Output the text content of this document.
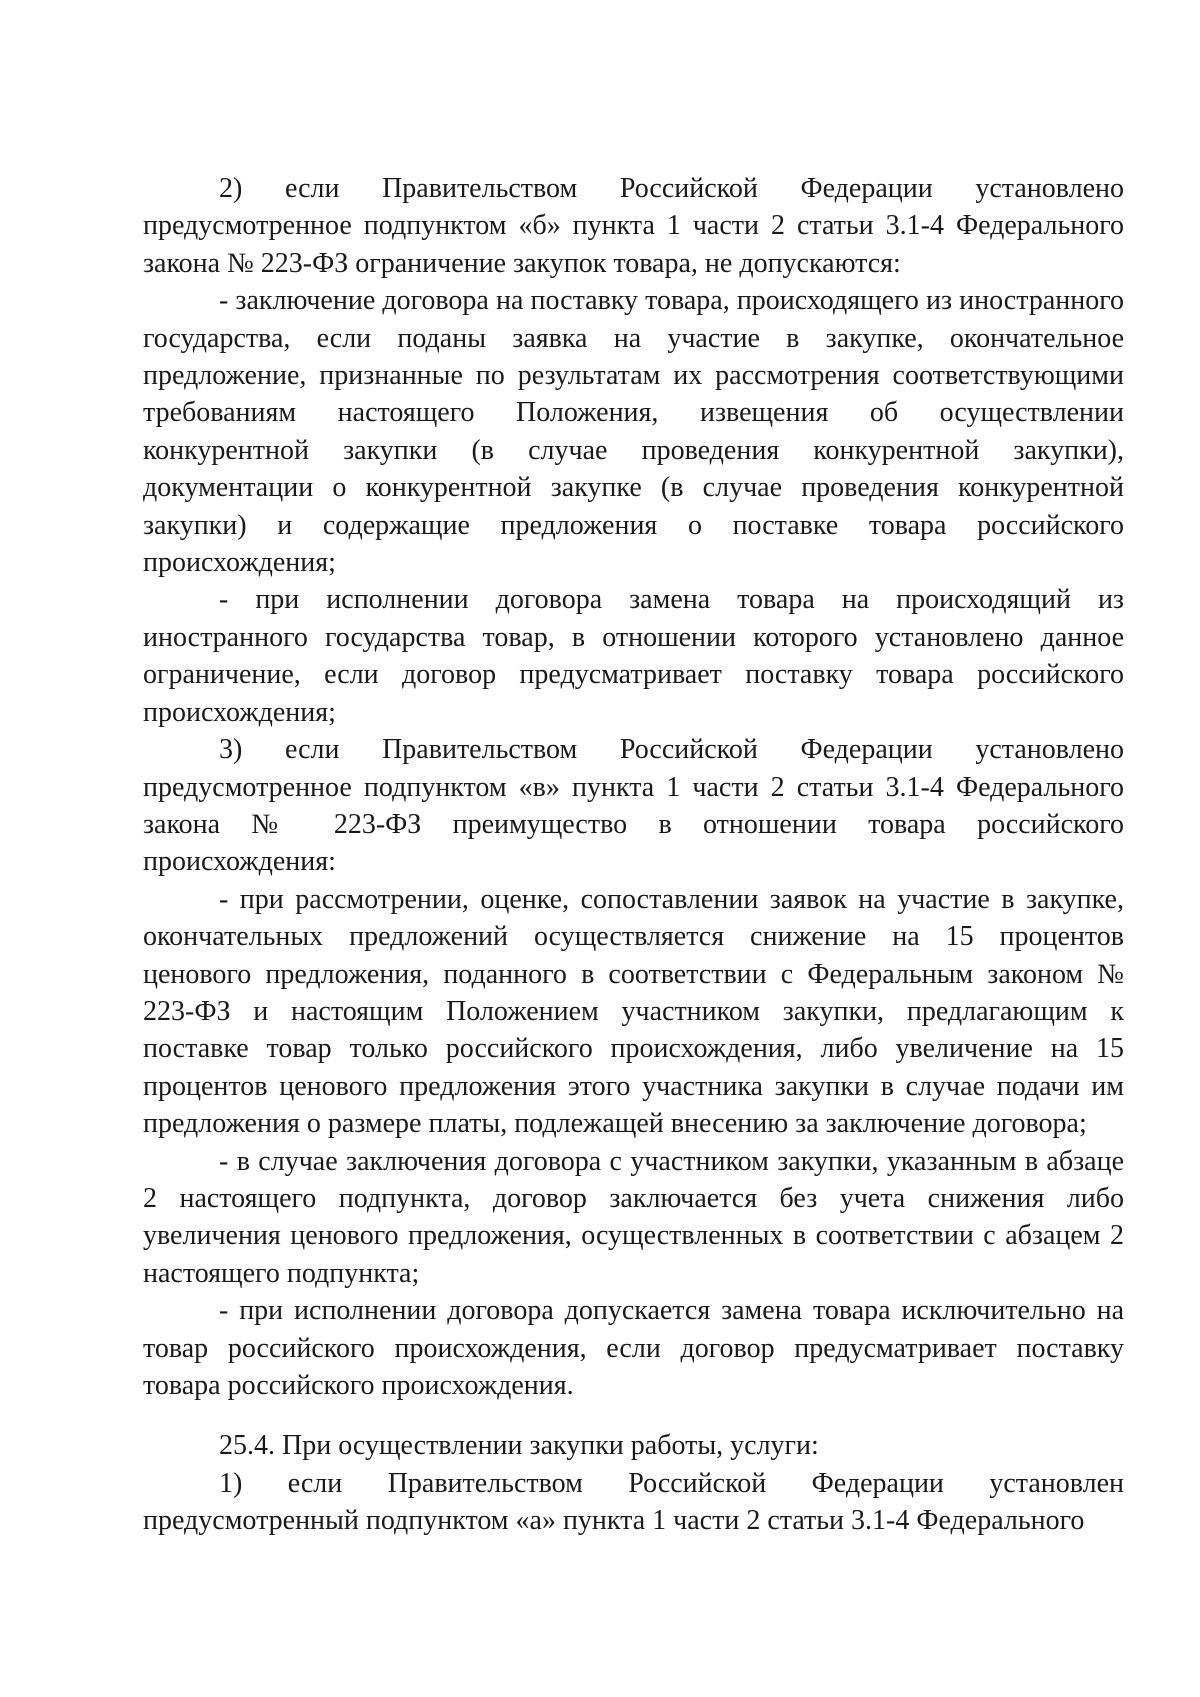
2) если Правительством Российской Федерации установлено предусмотренное подпунктом «б» пункта 1 части 2 статьи 3.1-4 Федерального закона № 223-ФЗ ограничение закупок товара, не допускаются:

- заключение договора на поставку товара, происходящего из иностранного государства, если поданы заявка на участие в закупке, окончательное предложение, признанные по результатам их рассмотрения соответствующими требованиям настоящего Положения, извещения об осуществлении конкурентной закупки (в случае проведения конкурентной закупки), документации о конкурентной закупке (в случае проведения конкурентной закупки) и содержащие предложения о поставке товара российского происхождения;

- при исполнении договора замена товара на происходящий из иностранного государства товар, в отношении которого установлено данное ограничение, если договор предусматривает поставку товара российского происхождения;

3) если Правительством Российской Федерации установлено предусмотренное подпунктом «в» пункта 1 части 2 статьи 3.1-4 Федерального закона № 223-ФЗ преимущество в отношении товара российского происхождения:

- при рассмотрении, оценке, сопоставлении заявок на участие в закупке, окончательных предложений осуществляется снижение на 15 процентов ценового предложения, поданного в соответствии с Федеральным законом № 223-ФЗ и настоящим Положением участником закупки, предлагающим к поставке товар только российского происхождения, либо увеличение на 15 процентов ценового предложения этого участника закупки в случае подачи им предложения о размере платы, подлежащей внесению за заключение договора;

- в случае заключения договора с участником закупки, указанным в абзаце 2 настоящего подпункта, договор заключается без учета снижения либо увеличения ценового предложения, осуществленных в соответствии с абзацем 2 настоящего подпункта;

- при исполнении договора допускается замена товара исключительно на товар российского происхождения, если договор предусматривает поставку товара российского происхождения.

25.4. При осуществлении закупки работы, услуги:

1) если Правительством Российской Федерации установлен предусмотренный подпунктом «а» пункта 1 части 2 статьи 3.1-4 Федерального
